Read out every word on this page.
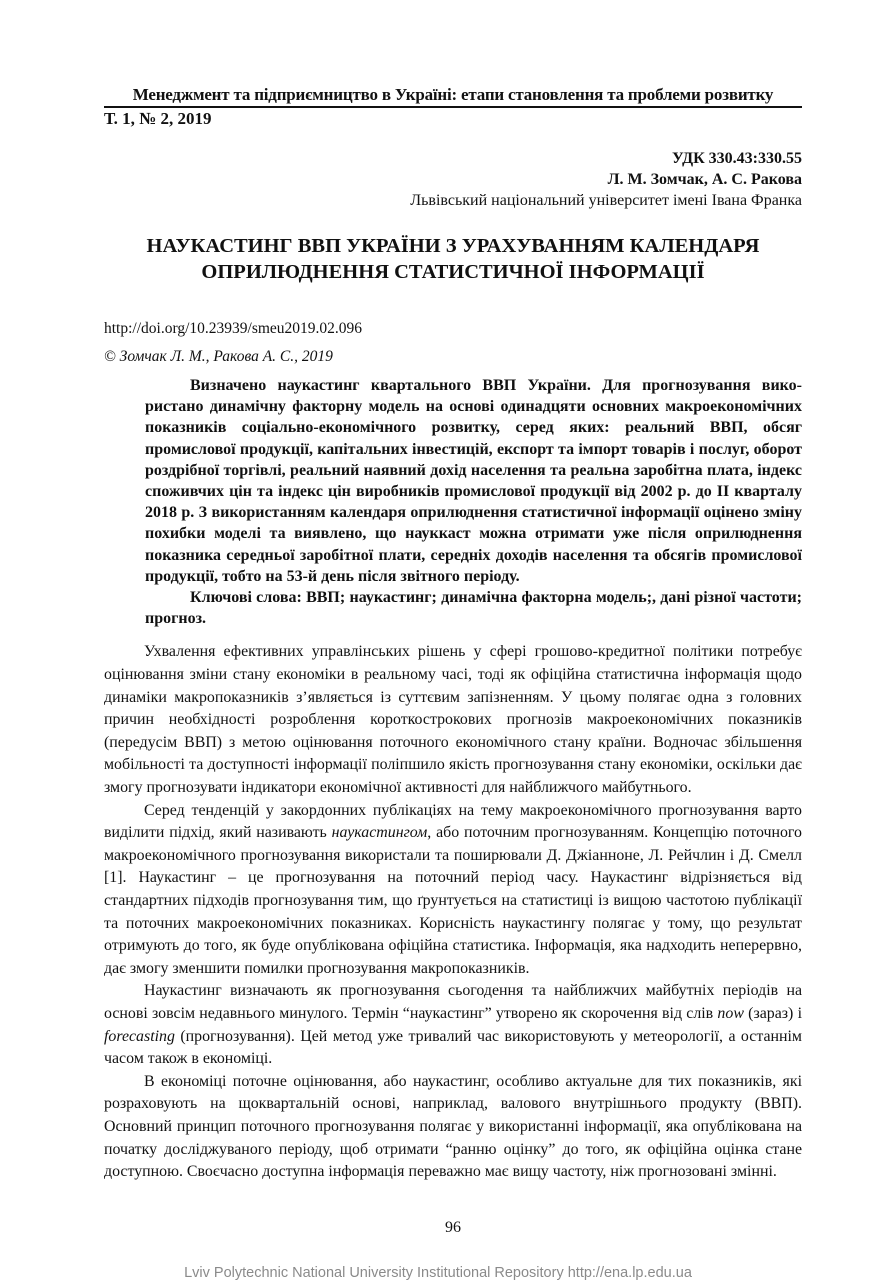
Менеджмент та підприємництво в Україні: етапи становлення та проблеми розвитку
Т. 1, № 2, 2019
УДК 330.43:330.55
Л. М. Зомчак, А. С. Ракова
Львівський національний університет імені Івана Франка
НАУКАСТИНГ ВВП УКРАЇНИ З УРАХУВАННЯМ КАЛЕНДАРЯ
ОПРИЛЮДНЕННЯ СТАТИСТИЧНОЇ ІНФОРМАЦІЇ
http://doi.org/10.23939/smeu2019.02.096
© Зомчак Л. М., Ракова А. С., 2019

Визначено наукастинг квартального ВВП України. Для прогнозування використано динамічну факторну модель на основі одинадцяти основних макроекономічних показників соціально-економічного розвитку, серед яких: реальний ВВП, обсяг промислової продукції, капітальних інвестицій, експорт та імпорт товарів і послуг, оборот роздрібної торгівлі, реальний наявний дохід населення та реальна заробітна плата, індекс споживчих цін та індекс цін виробників промислової продукції від 2002 р. до ІІ кварталу 2018 р. З використанням календаря оприлюднення статистичної інформації оцінено зміну похибки моделі та виявлено, що науккаст можна отримати уже після оприлюднення показника середньої заробітної плати, середніх доходів населення та обсягів промислової продукції, тобто на 53-й день після звітного періоду.

Ключові слова: ВВП; наукастинг; динамічна факторна модель;, дані різної частоти; прогноз.

Ухвалення ефективних управлінських рішень у сфері грошово-кредитної політики потребує оцінювання зміни стану економіки в реальному часі, тоді як офіційна статистична інформація щодо динаміки макропоказників з’являється із суттєвим запізненням. У цьому полягає одна з головних причин необхідності розроблення короткострокових прогнозів макроекономічних показників (передусім ВВП) з метою оцінювання поточного економічного стану країни. Водночас збільшення мобільності та доступності інформації поліпшило якість прогнозування стану економіки, оскільки дає змогу прогнозувати індикатори економічної активності для найближчого майбутнього.

Серед тенденцій у закордонних публікаціях на тему макроекономічного прогнозування варто виділити підхід, який називають наукастингом, або поточним прогнозуванням. Концепцію поточного макроекономічного прогнозування використали та поширювали Д. Джіанноне, Л. Рейчлин і Д. Смелл [1]. Наукастинг – це прогнозування на поточний період часу. Наукастинг відрізняється від стандартних підходів прогнозування тим, що ґрунтується на статистиці із вищою частотою публікації та поточних макроекономічних показниках. Корисність наукастингу полягає у тому, що результат отримують до того, як буде опублікована офіційна статистика. Інформація, яка надходить неперервно, дає змогу зменшити помилки прогнозування макропоказників.

Наукастинг визначають як прогнозування сьогодення та найближчих майбутніх періодів на основі зовсім недавнього минулого. Термін “наукастинг” утворено як скорочення від слів now (зараз) і forecasting (прогнозування). Цей метод уже тривалий час використовують у метеорології, а останнім часом також в економіці.

В економіці поточне оцінювання, або наукастинг, особливо актуальне для тих показників, які розраховують на щоквартальній основі, наприклад, валового внутрішнього продукту (ВВП). Основний принцип поточного прогнозування полягає у використанні інформації, яка опублікована на початку досліджуваного періоду, щоб отримати “ранню оцінку” до того, як офіційна оцінка стане доступною. Своєчасно доступна інформація переважно має вищу частоту, ніж прогнозовані змінні.

96
Lviv Polytechnic National University Institutional Repository http://ena.lp.edu.ua
